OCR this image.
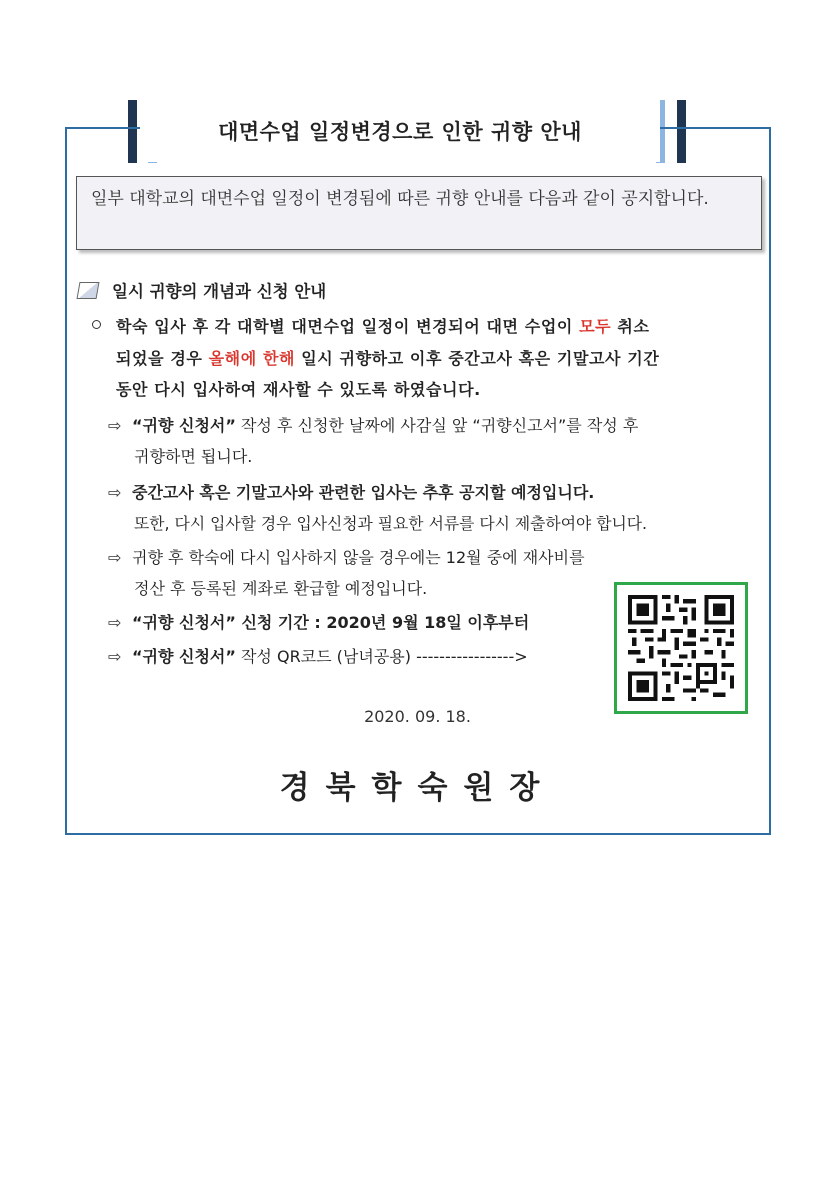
대면수업 일정변경으로 인한 귀향 안내
일부 대학교의 대면수업 일정이 변경됨에 따른 귀향 안내를 다음과 같이 공지합니다.
일시 귀향의 개념과 신청 안내
학숙 입사 후 각 대학별 대면수업 일정이 변경되어 대면 수업이 모두 취소
되었을 경우 올해에 한해 일시 귀향하고 이후 중간고사 혹은 기말고사 기간
동안 다시 입사하여 재사할 수 있도록 하였습니다.
⇨ “귀향 신청서” 작성 후 신청한 날짜에 사감실 앞 “귀향신고서”를 작성 후
귀향하면 됩니다.
⇨ 중간고사 혹은 기말고사와 관련한 입사는 추후 공지할 예정입니다.
또한, 다시 입사할 경우 입사신청과 필요한 서류를 다시 제출하여야 합니다.
⇨ 귀향 후 학숙에 다시 입사하지 않을 경우에는 12월 중에 재사비를
정산 후 등록된 계좌로 환급할 예정입니다.
⇨ “귀향 신청서” 신청 기간 : 2020년 9월 18일 이후부터
⇨ “귀향 신청서” 작성 QR코드 (남녀공용) ----------------->
2020. 09. 18.
경북학숙원장
